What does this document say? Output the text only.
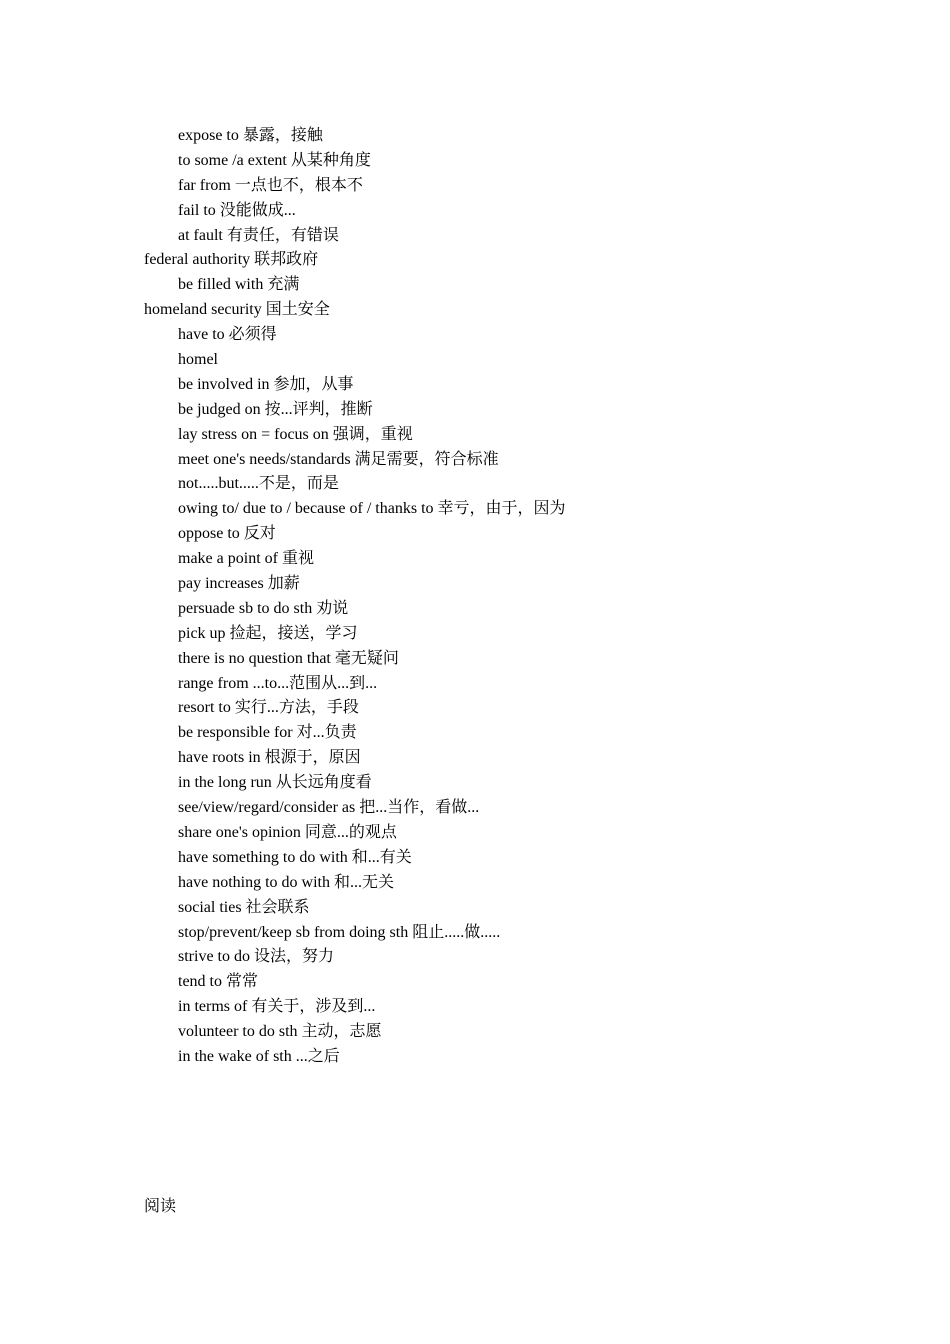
expose to 暴露，接触
to some /a extent 从某种角度
far from 一点也不，根本不
fail to 没能做成...
at fault 有责任，有错误
federal authority 联邦政府
be filled with 充满
homeland security 国土安全
have to 必须得
homel
be involved in 参加，从事
be judged on 按...评判，推断
lay stress on = focus on 强调，重视
meet one's needs/standards 满足需要，符合标准
not.....but.....不是，而是
owing to/ due to / because of / thanks to 幸亏，由于，因为
oppose to 反对
make a point of 重视
pay increases 加薪
persuade sb to do sth 劝说
pick up 捡起，接送，学习
there is no question that 毫无疑问
range from ...to...范围从...到...
resort to 实行...方法，手段
be responsible for 对...负责
have roots in 根源于，原因
in the long run 从长远角度看
see/view/regard/consider as 把...当作，看做...
share one's opinion 同意...的观点
have something to do with 和...有关
have nothing to do with 和...无关
social ties 社会联系
stop/prevent/keep sb from doing sth 阻止.....做.....
strive to do 设法，努力
tend to 常常
in terms of 有关于，涉及到...
volunteer to do sth 主动，志愿
in the wake of sth ...之后
阅读
